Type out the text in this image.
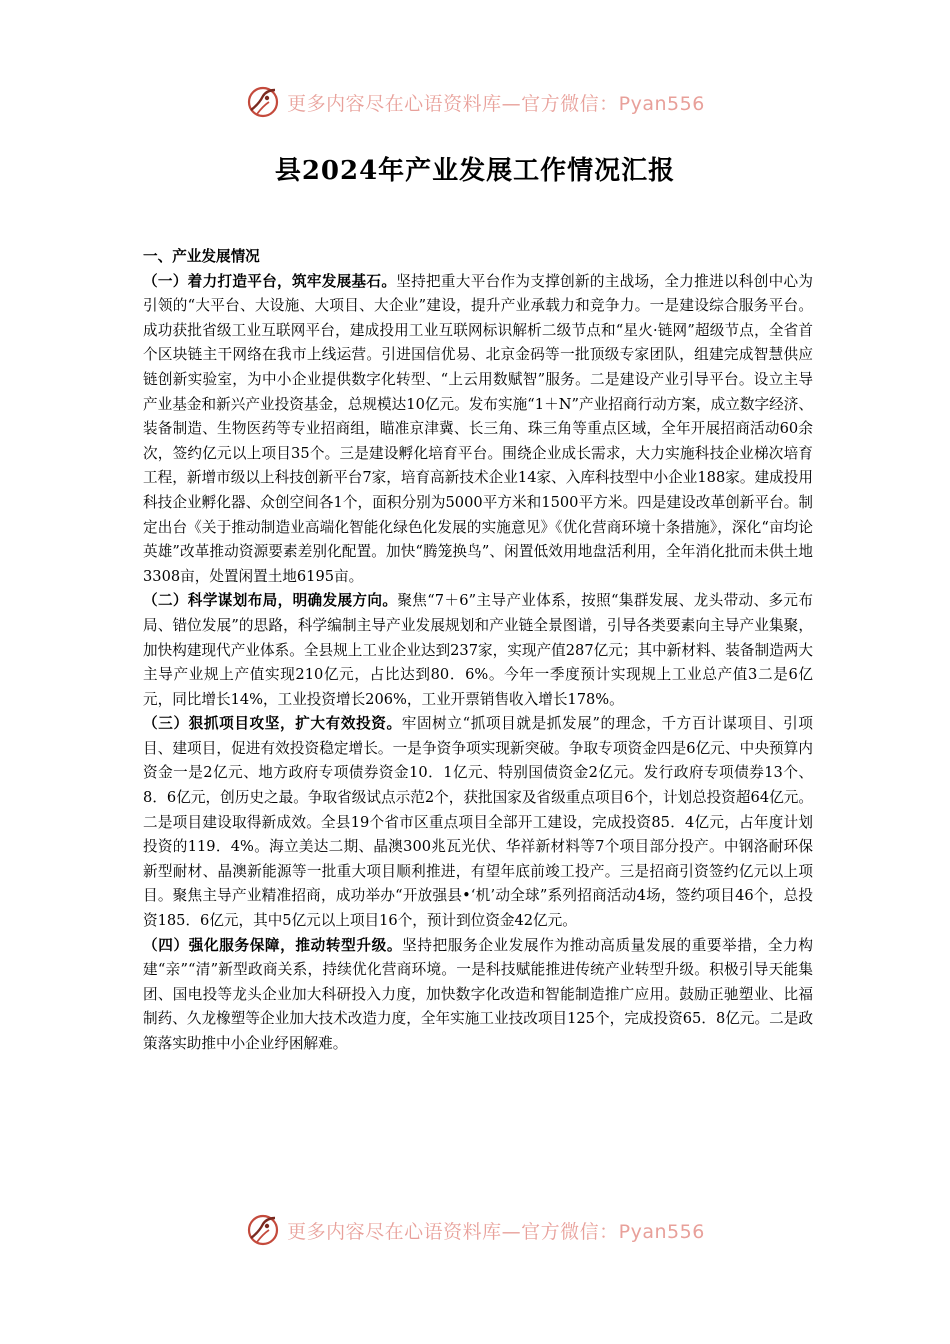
更多内容尽在心语资料库—官方微信：Pyan556
县2024年产业发展工作情况汇报

一、产业发展情况

（一）着力打造平台，筑牢发展基石。坚持把重大平台作为支撑创新的主战场，全力推进以科创中心为引领的“大平台、大设施、大项目、大企业”建设，提升产业承载力和竞争力。一是建设综合服务平台。成功获批省级工业互联网平台，建成投用工业互联网标识解析二级节点和“星火·链网”超级节点，全省首个区块链主干网络在我市上线运营。引进国信优易、北京金码等一批顶级专家团队，组建完成智慧供应链创新实验室，为中小企业提供数字化转型、“上云用数赋智”服务。二是建设产业引导平台。设立主导产业基金和新兴产业投资基金，总规模达10亿元。发布实施“1＋N”产业招商行动方案，成立数字经济、装备制造、生物医药等专业招商组，瞄准京津冀、长三角、珠三角等重点区域，全年开展招商活动60余次，签约亿元以上项目35个。三是建设孵化培育平台。围绕企业成长需求，大力实施科技企业梯次培育工程，新增市级以上科技创新平台7家，培育高新技术企业14家、入库科技型中小企业188家。建成投用科技企业孵化器、众创空间各1个，面积分别为5000平方米和1500平方米。四是建设改革创新平台。制定出台《关于推动制造业高端化智能化绿色化发展的实施意见》《优化营商环境十条措施》，深化“亩均论英雄”改革推动资源要素差别化配置。加快“腾笼换鸟”、闲置低效用地盘活利用，全年消化批而未供土地3308亩，处置闲置土地6195亩。

（二）科学谋划布局，明确发展方向。聚焦“7＋6”主导产业体系，按照“集群发展、龙头带动、多元布局、错位发展”的思路，科学编制主导产业发展规划和产业链全景图谱，引导各类要素向主导产业集聚，加快构建现代产业体系。全县规上工业企业达到237家，实现产值287亿元；其中新材料、装备制造两大主导产业规上产值实现210亿元，占比达到80．6%。今年一季度预计实现规上工业总产值3二是6亿元，同比增长14%，工业投资增长206%，工业开票销售收入增长178%。

（三）狠抓项目攻坚，扩大有效投资。牢固树立“抓项目就是抓发展”的理念，千方百计谋项目、引项目、建项目，促进有效投资稳定增长。一是争资争项实现新突破。争取专项资金四是6亿元、中央预算内资金一是2亿元、地方政府专项债券资金10．1亿元、特别国债资金2亿元。发行政府专项债券13个、8．6亿元，创历史之最。争取省级试点示范2个，获批国家及省级重点项目6个，计划总投资超64亿元。二是项目建设取得新成效。全县19个省市区重点项目全部开工建设，完成投资85．4亿元，占年度计划投资的119．4%。海立美达二期、晶澳300兆瓦光伏、华祥新材料等7个项目部分投产。中钢洛耐环保新型耐材、晶澳新能源等一批重大项目顺利推进，有望年底前竣工投产。三是招商引资签约亿元以上项目。聚焦主导产业精准招商，成功举办“开放强县•‘机’动全球”系列招商活动4场，签约项目46个，总投资185．6亿元，其中5亿元以上项目16个，预计到位资金42亿元。

（四）强化服务保障，推动转型升级。坚持把服务企业发展作为推动高质量发展的重要举措，全力构建“亲”“清”新型政商关系，持续优化营商环境。一是科技赋能推进传统产业转型升级。积极引导天能集团、国电投等龙头企业加大科研投入力度，加快数字化改造和智能制造推广应用。鼓励正驰塑业、比福制药、久龙橡塑等企业加大技术改造力度，全年实施工业技改项目125个，完成投资65．8亿元。二是政策落实助推中小企业纾困解难。

更多内容尽在心语资料库—官方微信：Pyan556
